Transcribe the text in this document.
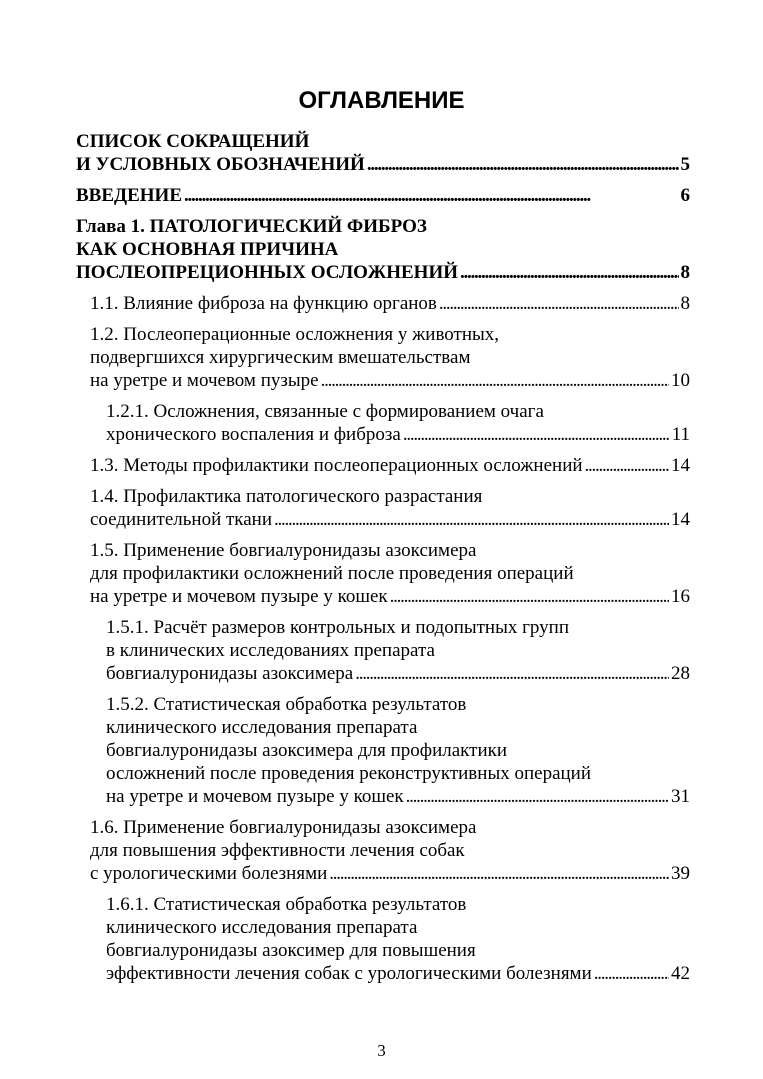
ОГЛАВЛЕНИЕ
СПИСОК СОКРАЩЕНИЙ
И УСЛОВНЫХ ОБОЗНАЧЕНИЙ . . .	5
ВВЕДЕНИЕ . . .	6
Глава 1. ПАТОЛОГИЧЕСКИЙ ФИБРОЗ
КАК ОСНОВНАЯ ПРИЧИНА
ПОСЛЕОПРЕЦИОННЫХ ОСЛОЖНЕНИЙ . . .	8
1.1. Влияние фиброза на функцию органов . . .	8
1.2. Послеоперационные осложнения у животных,
подвергшихся хирургическим вмешательствам
на уретре и мочевом пузыре . . .	10
1.2.1. Осложнения, связанные с формированием очага
хронического воспаления и фиброза . . .	11
1.3. Методы профилактики послеоперационных осложнений . . .	14
1.4. Профилактика патологического разрастания
соединительной ткани . . .	14
1.5. Применение бовгиалуронидазы азоксимера
для профилактики осложнений после проведения операций
на уретре и мочевом пузыре у кошек . . .	16
1.5.1. Расчёт размеров контрольных и подопытных групп
в клинических исследованиях препарата
бовгиалуронидазы азоксимера . . .	28
1.5.2. Статистическая обработка результатов
клинического исследования препарата
бовгиалуронидазы азоксимера для профилактики
осложнений после проведения реконструктивных операций
на уретре и мочевом пузыре у кошек . . .	31
1.6. Применение бовгиалуронидазы азоксимера
для повышения эффективности лечения собак
с урологическими болезнями . . .	39
1.6.1. Статистическая обработка результатов
клинического исследования препарата
бовгиалуронидазы азоксимер для повышения
эффективности лечения собак с урологическими болезнями . . .	42
3
